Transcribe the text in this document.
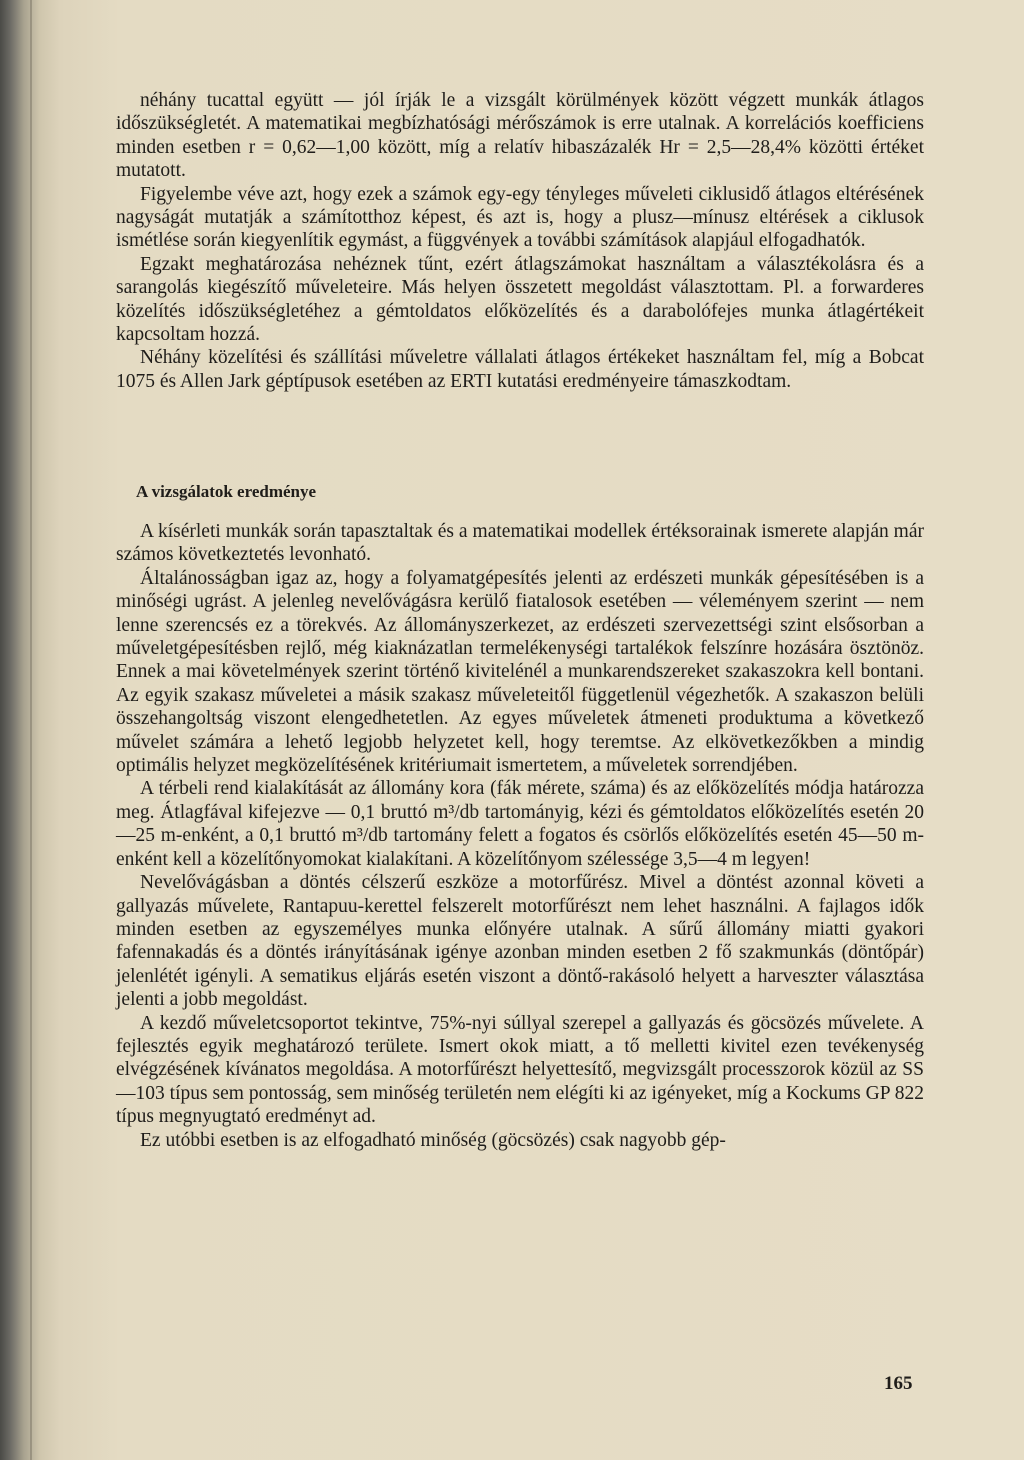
néhány tucattal együtt — jól írják le a vizsgált körülmények között végzett munkák átlagos időszükségletét. A matematikai megbízhatósági mérőszámok is erre utalnak. A korrelációs koefficiens minden esetben r = 0,62—1,00 között, míg a relatív hibaszázalék Hr = 2,5—28,4% közötti értéket mutatott.

Figyelembe véve azt, hogy ezek a számok egy-egy tényleges műveleti ciklusidő átlagos eltérésének nagyságát mutatják a számítotthoz képest, és azt is, hogy a plusz—mínusz eltérések a ciklusok ismétlése során kiegyenlítik egymást, a függvények a további számítások alapjául elfogadhatók.

Egzakt meghatározása nehéznek tűnt, ezért átlagszámokat használtam a választékolásra és a sarangolás kiegészítő műveleteire. Más helyen összetett megoldást választottam. Pl. a forwarderes közelítés időszükségletéhez a gémtoldatos előközelítés és a darabolófejes munka átlagértékeit kapcsoltam hozzá.

Néhány közelítési és szállítási műveletre vállalati átlagos értékeket használtam fel, míg a Bobcat 1075 és Allen Jark géptípusok esetében az ERTI kutatási eredményeire támaszkodtam.

A vizsgálatok eredménye

A kísérleti munkák során tapasztaltak és a matematikai modellek értéksorainak ismerete alapján már számos következtetés levonható.

Általánosságban igaz az, hogy a folyamatgépesítés jelenti az erdészeti munkák gépesítésében is a minőségi ugrást. A jelenleg nevelővágásra kerülő fiatalosok esetében — véleményem szerint — nem lenne szerencsés ez a törekvés. Az állományszerkezet, az erdészeti szervezettségi szint elsősorban a műveletgépesítésben rejlő, még kiaknázatlan termelékenységi tartalékok felszínre hozására ösztönöz. Ennek a mai követelmények szerint történő kivitelénél a munkarendszereket szakaszokra kell bontani. Az egyik szakasz műveletei a másik szakasz műveleteitől függetlenül végezhetők. A szakaszon belüli összehangoltság viszont elengedhetetlen. Az egyes műveletek átmeneti produktuma a következő művelet számára a lehető legjobb helyzetet kell, hogy teremtse. Az elkövetkezőkben a mindig optimális helyzet megközelítésének kritériumait ismertetem, a műveletek sorrendjében.

A térbeli rend kialakítását az állomány kora (fák mérete, száma) és az előközelítés módja határozza meg. Átlagfával kifejezve — 0,1 bruttó m³/db tartományig, kézi és gémtoldatos előközelítés esetén 20—25 m-enként, a 0,1 bruttó m³/db tartomány felett a fogatos és csörlős előközelítés esetén 45—50 m-enként kell a közelítőnyomokat kialakítani. A közelítőnyom szélessége 3,5—4 m legyen!

Nevelővágásban a döntés célszerű eszköze a motorfűrész. Mivel a döntést azonnal követi a gallyazás művelete, Rantapuu-kerettel felszerelt motorfűrészt nem lehet használni. A fajlagos idők minden esetben az egyszemélyes munka előnyére utalnak. A sűrű állomány miatti gyakori fafennakadás és a döntés irányításának igénye azonban minden esetben 2 fő szakmunkás (döntőpár) jelenlétét igényli. A sematikus eljárás esetén viszont a döntő-rakásoló helyett a harveszter választása jelenti a jobb megoldást.

A kezdő műveletcsoportot tekintve, 75%-nyi súllyal szerepel a gallyazás és göcsözés művelete. A fejlesztés egyik meghatározó területe. Ismert okok miatt, a tő melletti kivitel ezen tevékenység elvégzésének kívánatos megoldása. A motorfűrészt helyettesítő, megvizsgált processzorok közül az SS—103 típus sem pontosság, sem minőség területén nem elégíti ki az igényeket, míg a Kockums GP 822 típus megnyugtató eredményt ad.

Ez utóbbi esetben is az elfogadható minőség (göcsözés) csak nagyobb gép-

165
